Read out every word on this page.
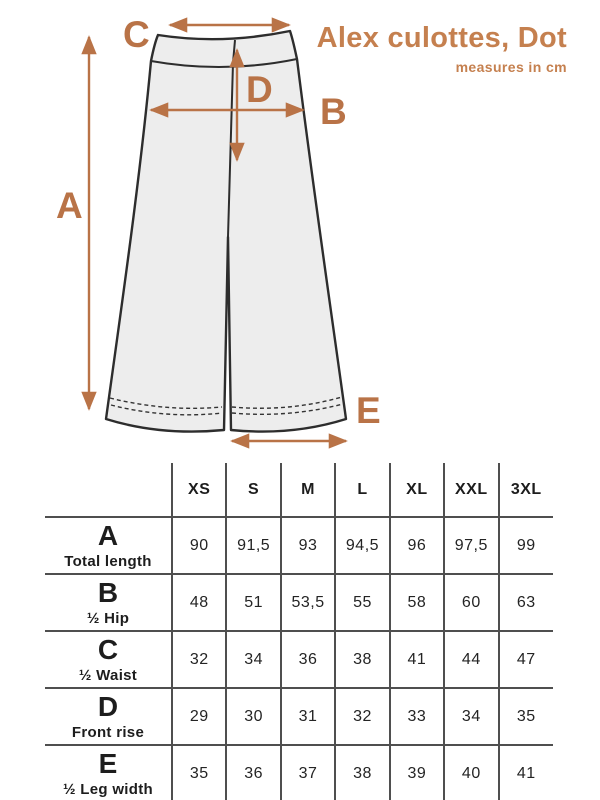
Alex culottes, Dot
measures in cm
C
A
B
D
E
	XS	S	M	L	XL	XXL	3XL

A
Total length	90	91,5	93	94,5	96	97,5	99

B
½ Hip	48	51	53,5	55	58	60	63

C
½ Waist	32	34	36	38	41	44	47

D
Front rise	29	30	31	32	33	34	35

E
½ Leg width	35	36	37	38	39	40	41
